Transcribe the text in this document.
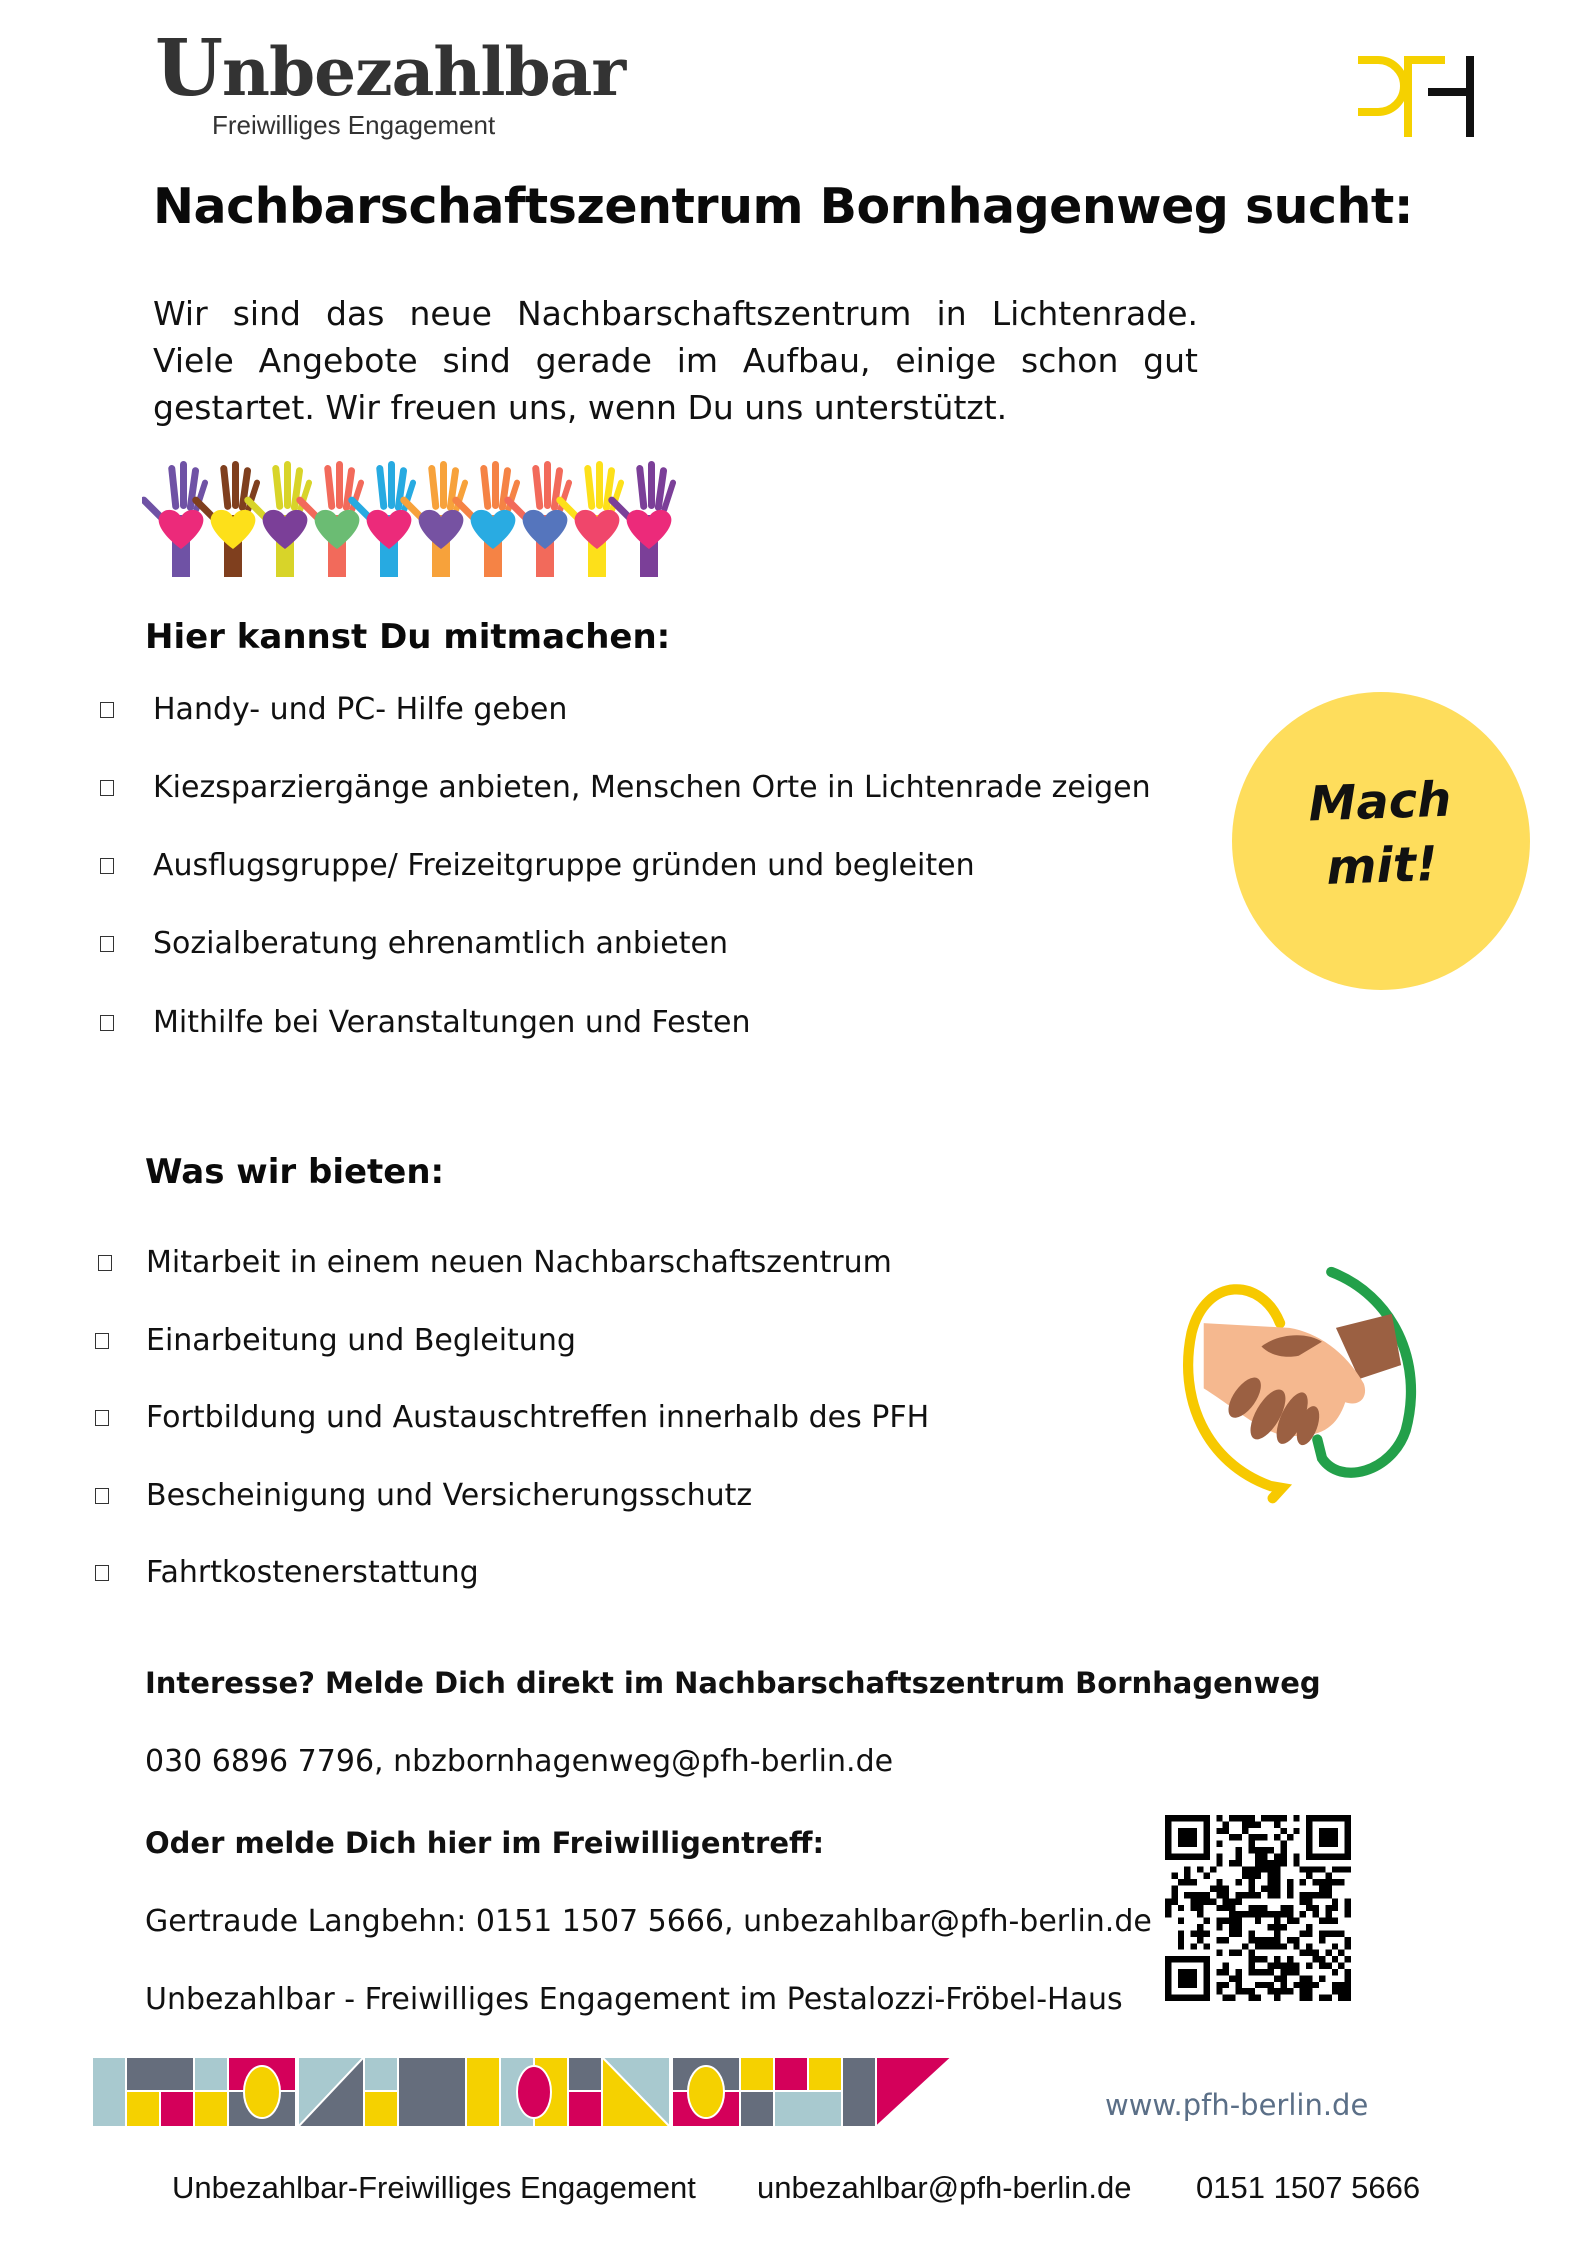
Unbezahlbar
Freiwilliges Engagement
Nachbarschaftszentrum Bornhagenweg sucht:

Wir sind das neue Nachbarschaftszentrum in Lichtenrade. Viele Angebote sind gerade im Aufbau, einige schon gut gestartet. Wir freuen uns, wenn Du uns unterstützt.

Hier kannst Du mitmachen:
Handy- und PC- Hilfe geben
Kiezsparziergänge anbieten, Menschen Orte in Lichtenrade zeigen
Ausflugsgruppe/ Freizeitgruppe gründen und begleiten
Sozialberatung ehrenamtlich anbieten
Mithilfe bei Veranstaltungen und Festen
Mach
mit!
Was wir bieten:
Mitarbeit in einem neuen Nachbarschaftszentrum
Einarbeitung und Begleitung
Fortbildung und Austauschtreffen innerhalb des PFH
Bescheinigung und Versicherungsschutz
Fahrtkostenerstattung
Interesse? Melde Dich direkt im Nachbarschaftszentrum Bornhagenweg
030 6896 7796, nbzbornhagenweg@pfh-berlin.de
Oder melde Dich hier im Freiwilligentreff:
Gertraude Langbehn: 0151 1507 5666, unbezahlbar@pfh-berlin.de
Unbezahlbar - Freiwilliges Engagement im Pestalozzi-Fröbel-Haus
www.pfh-berlin.de
Unbezahlbar-Freiwilliges Engagement unbezahlbar@pfh-berlin.de 0151 1507 5666
